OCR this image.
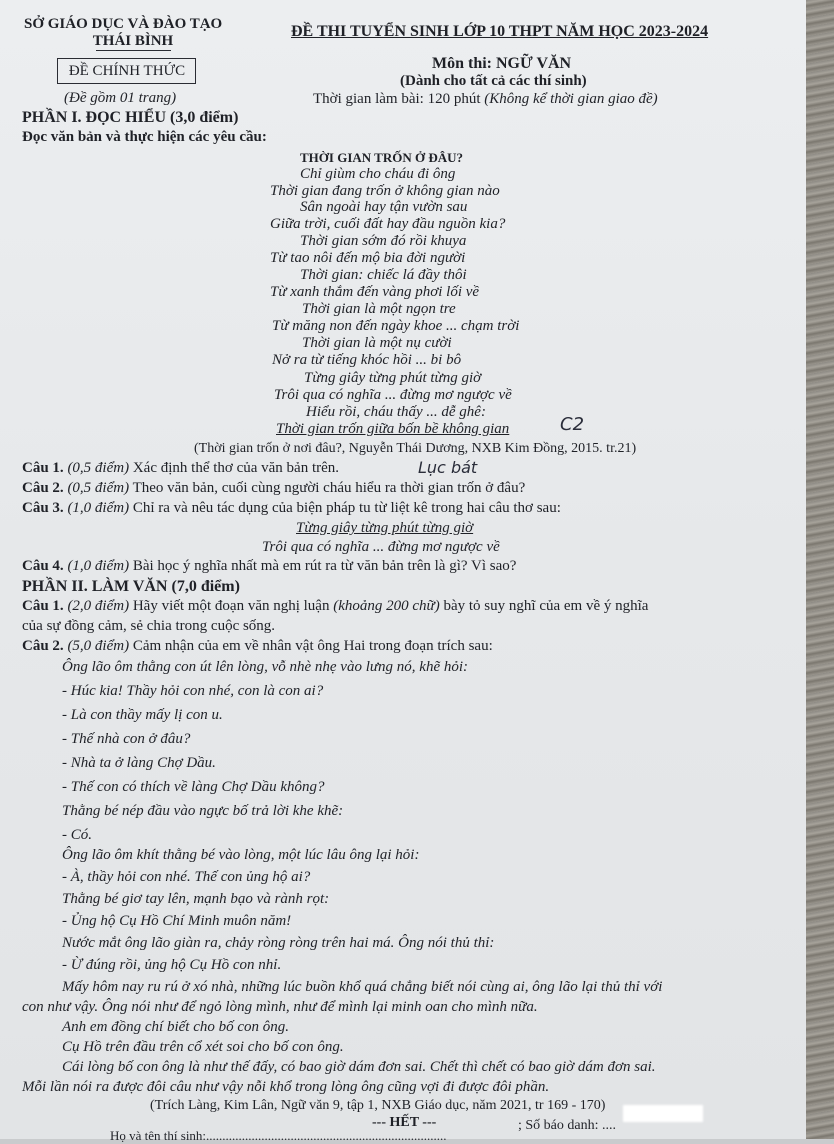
SỞ GIÁO DỤC VÀ ĐÀO TẠO
THÁI BÌNH
ĐỀ CHÍNH THỨC
(Đề gồm 01 trang)
ĐỀ THI TUYỂN SINH LỚP 10 THPT NĂM HỌC 2023-2024
Môn thi: NGỮ VĂN
(Dành cho tất cả các thí sinh)
Thời gian làm bài: 120 phút (Không kể thời gian giao đề)
PHẦN I. ĐỌC HIỂU (3,0 điểm)
Đọc văn bản và thực hiện các yêu cầu:
THỜI GIAN TRỐN Ở ĐÂU?
Chỉ giùm cho cháu đi ông
Thời gian đang trốn ở không gian nào
Sân ngoài hay tận vườn sau
Giữa trời, cuối đất hay đầu nguồn kia?
Thời gian sớm đó rồi khuya
Từ tao nôi đến mộ bia đời người
Thời gian: chiếc lá đầy thôi
Từ xanh thắm đến vàng phơi lối về
Thời gian là một ngọn tre
Từ măng non đến ngày khoe ... chạm trời
Thời gian là một nụ cười
Nở ra từ tiếng khóc hồi ... bi bô
Từng giây từng phút từng giờ
Trôi qua có nghĩa ... đừng mơ ngược về
Hiểu rồi, cháu thấy ... dễ ghê:
Thời gian trốn giữa bốn bề không gian
(Thời gian trốn ở nơi đâu?, Nguyễn Thái Dương, NXB Kim Đồng, 2015. tr.21)
Câu 1. (0,5 điểm) Xác định thể thơ của văn bản trên.
Câu 2. (0,5 điểm) Theo văn bản, cuối cùng người cháu hiểu ra thời gian trốn ở đâu?
Câu 3. (1,0 điểm) Chỉ ra và nêu tác dụng của biện pháp tu từ liệt kê trong hai câu thơ sau:
Từng giây từng phút từng giờ
Trôi qua có nghĩa ... đừng mơ ngược về
Câu 4. (1,0 điểm) Bài học ý nghĩa nhất mà em rút ra từ văn bản trên là gì? Vì sao?
PHẦN II. LÀM VĂN (7,0 điểm)
Câu 1. (2,0 điểm) Hãy viết một đoạn văn nghị luận (khoảng 200 chữ) bày tỏ suy nghĩ của em về ý nghĩa
của sự đồng cảm, sẻ chia trong cuộc sống.
Câu 2. (5,0 điểm) Cảm nhận của em về nhân vật ông Hai trong đoạn trích sau:
Ông lão ôm thằng con út lên lòng, vỗ nhè nhẹ vào lưng nó, khẽ hỏi:
- Húc kia! Thầy hỏi con nhé, con là con ai?
- Là con thầy mấy lị con u.
- Thế nhà con ở đâu?
- Nhà ta ở làng Chợ Dầu.
- Thế con có thích về làng Chợ Dầu không?
Thằng bé nép đầu vào ngực bố trả lời khe khẽ:
- Có.
Ông lão ôm khít thằng bé vào lòng, một lúc lâu ông lại hỏi:
- À, thầy hỏi con nhé. Thế con ủng hộ ai?
Thằng bé giơ tay lên, mạnh bạo và rành rọt:
- Ủng hộ Cụ Hồ Chí Minh muôn năm!
Nước mắt ông lão giàn ra, chảy ròng ròng trên hai má. Ông nói thủ thỉ:
- Ừ đúng rồi, ủng hộ Cụ Hồ con nhỉ.
Mấy hôm nay ru rú ở xó nhà, những lúc buồn khổ quá chẳng biết nói cùng ai, ông lão lại thủ thỉ với
con như vậy. Ông nói như để ngỏ lòng mình, như để mình lại minh oan cho mình nữa.
Anh em đồng chí biết cho bố con ông.
Cụ Hồ trên đầu trên cổ xét soi cho bố con ông.
Cái lòng bố con ông là như thế đấy, có bao giờ dám đơn sai. Chết thì chết có bao giờ dám đơn sai.
Mỗi lần nói ra được đôi câu như vậy nỗi khổ trong lòng ông cũng vợi đi được đôi phần.
(Trích Làng, Kim Lân, Ngữ văn 9, tập 1, NXB Giáo dục, năm 2021, tr 169 - 170)
--- HẾT ---
Họ và tên thí sinh:..........................................................................
; Số báo danh: ....
Lục bát
C2
